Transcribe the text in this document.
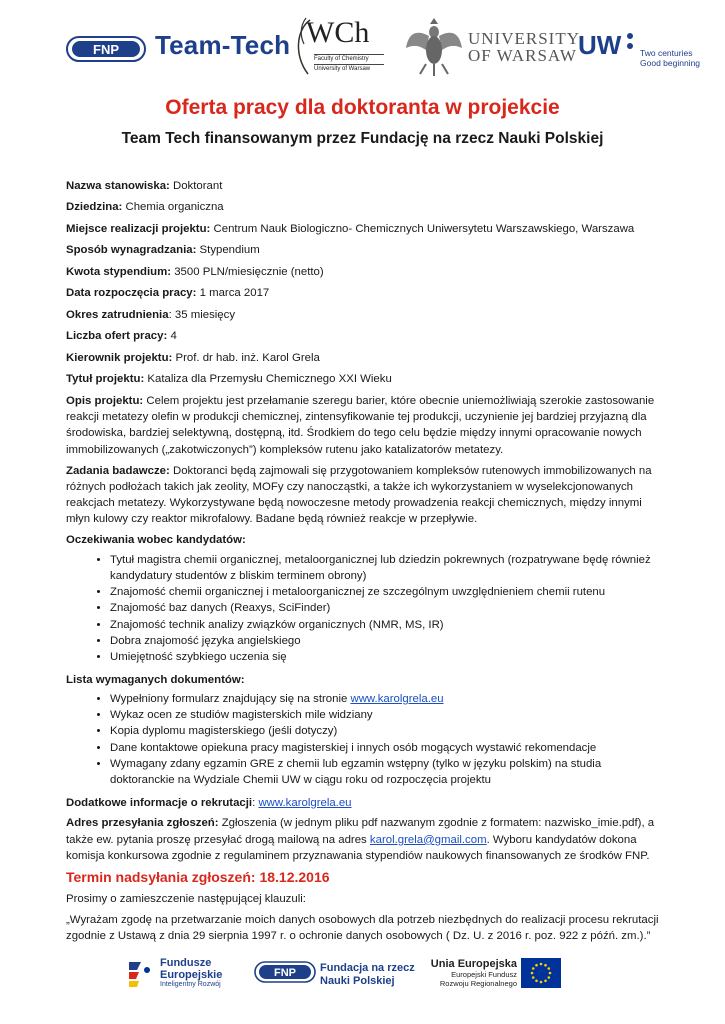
FNP Team-Tech WCh
Faculty of Chemistry
University of Warsaw
UNIVERSITY
OF WARSAW UW Two centuries
Good beginning
Oferta pracy dla doktoranta w projekcie
Team Tech finansowanym przez Fundację na rzecz Nauki Polskiej
Nazwa stanowiska: Doktorant
Dziedzina: Chemia organiczna
Miejsce realizacji projektu: Centrum Nauk Biologiczno- Chemicznych Uniwersytetu Warszawskiego, Warszawa
Sposób wynagradzania: Stypendium
Kwota stypendium: 3500 PLN/miesięcznie (netto)
Data rozpoczęcia pracy: 1 marca 2017
Okres zatrudnienia: 35 miesięcy
Liczba ofert pracy: 4
Kierownik projektu: Prof. dr hab. inż. Karol Grela
Tytuł projektu: Kataliza dla Przemysłu Chemicznego XXI Wieku
Opis projektu: Celem projektu jest przełamanie szeregu barier, które obecnie uniemożliwiają szerokie zastosowanie reakcji metatezy olefin w produkcji chemicznej, zintensyfikowanie tej produkcji, uczynienie jej bardziej przyjazną dla środowiska, bardziej selektywną, dostępną, itd. Środkiem do tego celu będzie między innymi opracowanie nowych immobilizowanych („zakotwiczonych”) kompleksów rutenu jako katalizatorów metatezy.
Zadania badawcze: Doktoranci będą zajmowali się przygotowaniem kompleksów rutenowych immobilizowanych na różnych podłożach takich jak zeolity, MOFy czy nanocząstki, a także ich wykorzystaniem w wyselekcjonowanych reakcjach metatezy. Wykorzystywane będą nowoczesne metody prowadzenia reakcji chemicznych, między innymi młyn kulowy czy reaktor mikrofalowy. Badane będą również reakcje w przepływie.
Oczekiwania wobec kandydatów:
• Tytuł magistra chemii organicznej, metaloorganicznej lub dziedzin pokrewnych (rozpatrywane będę również kandydatury studentów z bliskim terminem obrony)
• Znajomość chemii organicznej i metaloorganicznej ze szczególnym uwzględnieniem chemii rutenu
• Znajomość baz danych (Reaxys, SciFinder)
• Znajomość technik analizy związków organicznych (NMR, MS, IR)
• Dobra znajomość języka angielskiego
• Umiejętność szybkiego uczenia się
Lista wymaganych dokumentów:
• Wypełniony formularz znajdujący się na stronie www.karolgrela.eu
• Wykaz ocen ze studiów magisterskich mile widziany
• Kopia dyplomu magisterskiego (jeśli dotyczy)
• Dane kontaktowe opiekuna pracy magisterskiej i innych osób mogących wystawić rekomendacje
• Wymagany zdany egzamin GRE z chemii lub egzamin wstępny (tylko w języku polskim) na studia doktoranckie na Wydziale Chemii UW w ciągu roku od rozpoczęcia projektu
Dodatkowe informacje o rekrutacji: www.karolgrela.eu
Adres przesyłania zgłoszeń: Zgłoszenia (w jednym pliku pdf nazwanym zgodnie z formatem: nazwisko_imie.pdf), a także ew. pytania proszę przesyłać drogą mailową na adres karol.grela@gmail.com. Wyboru kandydatów dokona komisja konkursowa zgodnie z regulaminem przyznawania stypendiów naukowych finansowanych ze środków FNP.
Termin nadsyłania zgłoszeń: 18.12.2016
Prosimy o zamieszczenie następującej klauzuli:
„Wyrażam zgodę na przetwarzanie moich danych osobowych dla potrzeb niezbędnych do realizacji procesu rekrutacji zgodnie z Ustawą z dnia 29 sierpnia 1997 r. o ochronie danych osobowych ( Dz. U. z 2016 r. poz. 922 z późń. zm.).”
Fundusze
Europejskie
Inteligentny Rozwój
FNP Fundacja na rzecz
Nauki Polskiej
Unia Europejska
Europejski Fundusz
Rozwoju Regionalnego
